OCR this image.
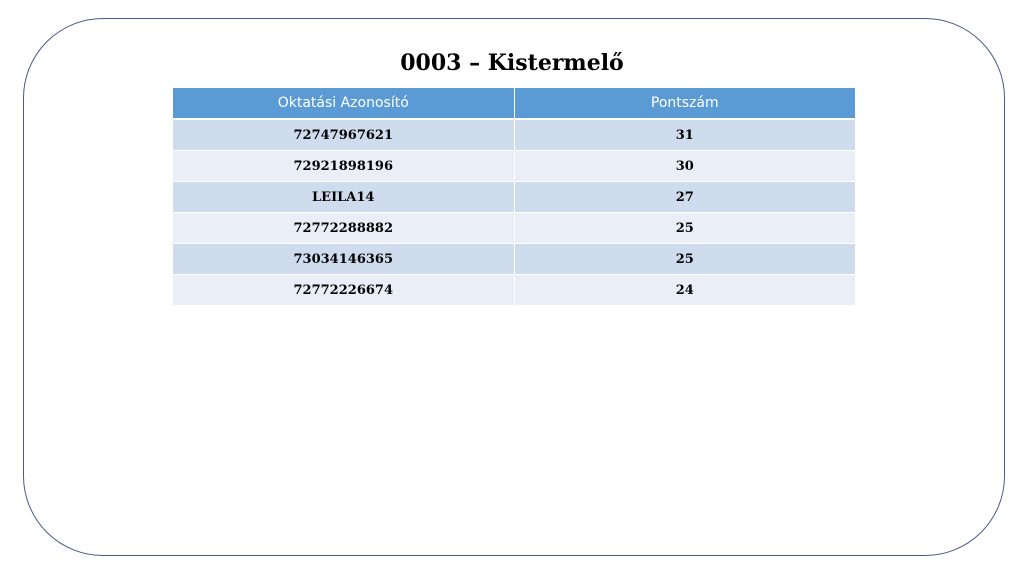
0003 – Kistermelő
Oktatási Azonosító	Pontszám
72747967621	31
72921898196	30
LEILA14	27
72772288882	25
73034146365	25
72772226674	24
